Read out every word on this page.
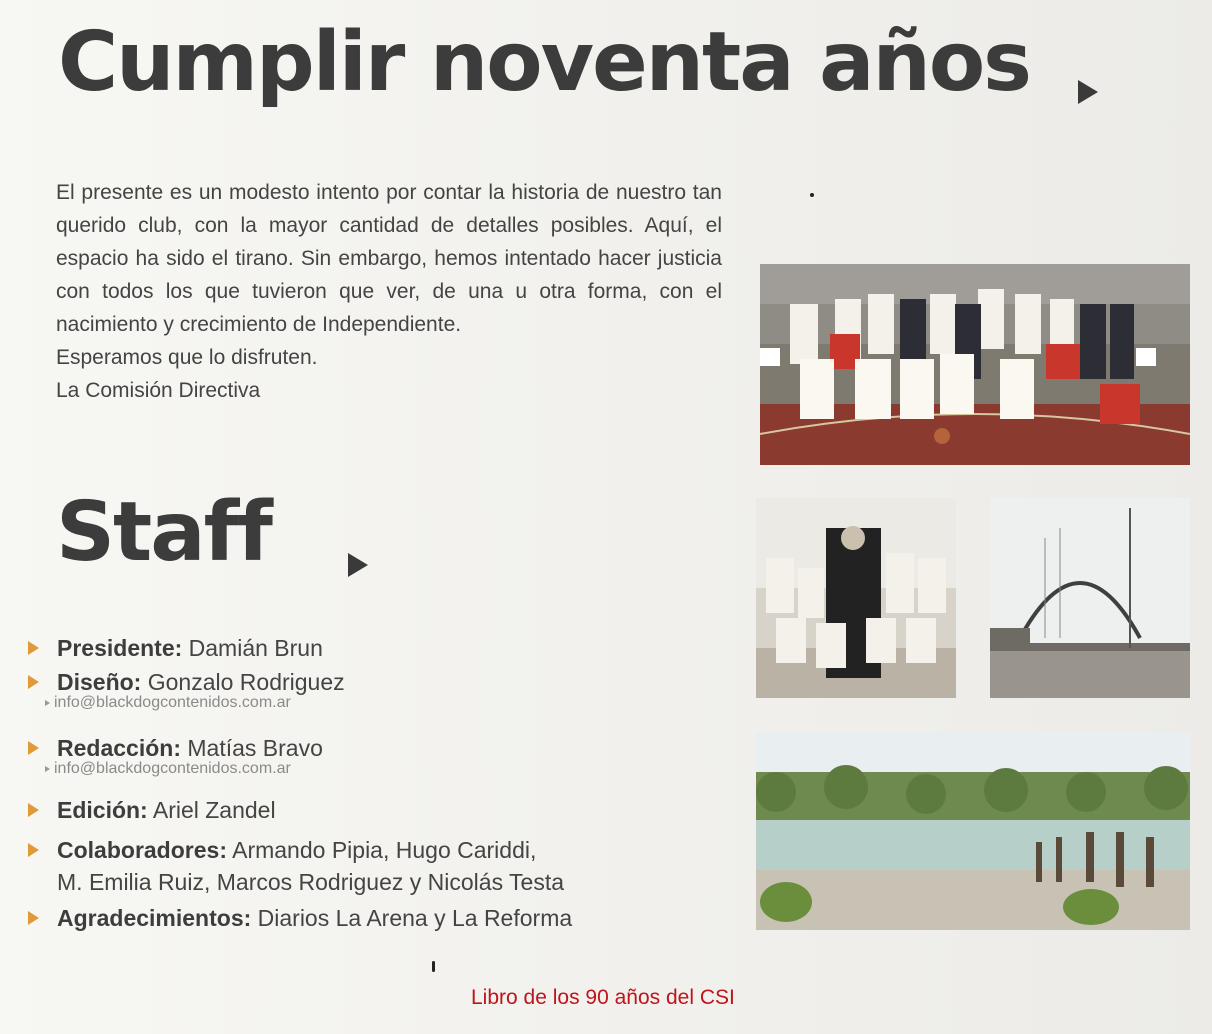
Cumplir noventa años

El presente es un modesto intento por contar la historia de nuestro tan querido club, con la mayor cantidad de detalles posibles. Aquí, el espacio ha sido el tirano. Sin embargo, hemos intentado hacer justicia con todos los que tuvieron que ver, de una u otra forma, con el nacimiento y crecimiento de Independiente.

Esperamos que lo disfruten.

La Comisión Directiva

Staff
Presidente: Damián Brun
Diseño: Gonzalo Rodriguez
info@blackdogcontenidos.com.ar
Redacción: Matías Bravo
info@blackdogcontenidos.com.ar
Edición: Ariel Zandel
Colaboradores: Armando Pipia, Hugo Cariddi,
M. Emilia Ruiz, Marcos Rodriguez y Nicolás Testa
Agradecimientos: Diarios La Arena y La Reforma
Libro de los 90 años del CSI
